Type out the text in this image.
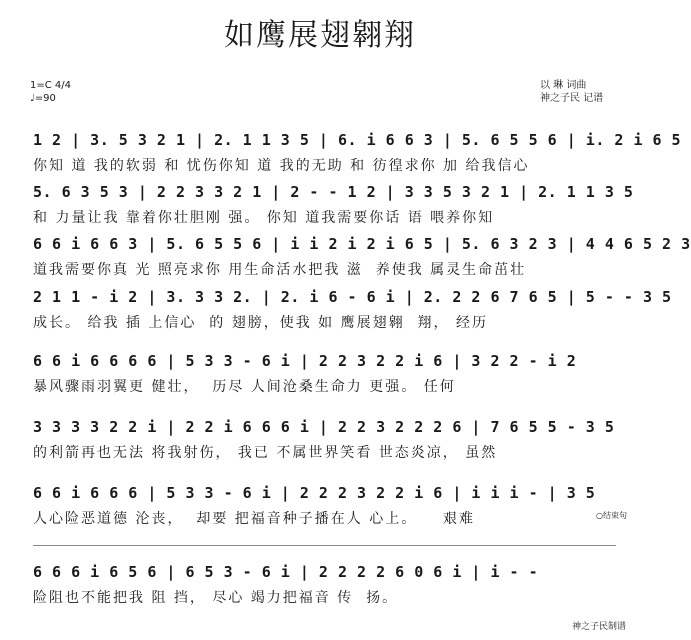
如鹰展翅翱翔
1=C 4/4
♩=90
以 琳 词曲
神之子民 记谱
1 2 | 3. 5 3 2 1 | 2. 1 1 3 5 | 6. i 6 6 3 | 5. 6 5 5 6 | i. 2 i 6 5
你知 道 我的软弱 和 忧伤你知 道 我的无助 和 彷徨求你 加 给我信心
5. 6 3 5 3 | 2 2 3 3 2 1 | 2 - - 1 2 | 3 3 5 3 2 1 | 2. 1 1 3 5
和 力量让我 靠着你壮胆刚 强。 你知 道我需要你话 语 喂养你知
6 6 i 6 6 3 | 5. 6 5 5 6 | i i 2 i 2 i 6 5 | 5. 6 3 2 3 | 4 4 6 5 2 3
道我需要你真 光 照亮求你 用生命活水把我 滋  养使我 属灵生命茁壮
2 1 1 - i 2 | 3. 3 3 2. | 2. i 6 - 6 i | 2. 2 2 6 7 6 5 | 5 - - 3 5
成长。 给我 插 上信心  的 翅膀，使我 如 鹰展翅翱  翔， 经历
6 6 i 6 6 6 6 | 5 3 3 - 6 i | 2 2 3 2 2 i 6 | 3 2 2 - i 2
暴风骤雨羽翼更 健壮，  历尽 人间沧桑生命力 更强。 任何
3 3 3 3 2 2 i | 2 2 i 6 6 6 i | 2 2 3 2 2 2 6 | 7 6 5 5 - 3 5
的利箭再也无法 将我射伤， 我已 不属世界笑看 世态炎凉， 虽然
6 6 i 6 6 6 | 5 3 3 - 6 i | 2 2 2 3 2 2 i 6 | i i i - | 3 5
人心险恶道德 沦丧，  却要 把福音种子播在人 心上。    艰难
6 6 6 i 6 5 6 | 6 5 3 - 6 i | 2 2 2 2 6 0 6 i | i - -
险阻也不能把我 阻 挡， 尽心 竭力把福音 传  扬。
○结束句
神之子民制谱
